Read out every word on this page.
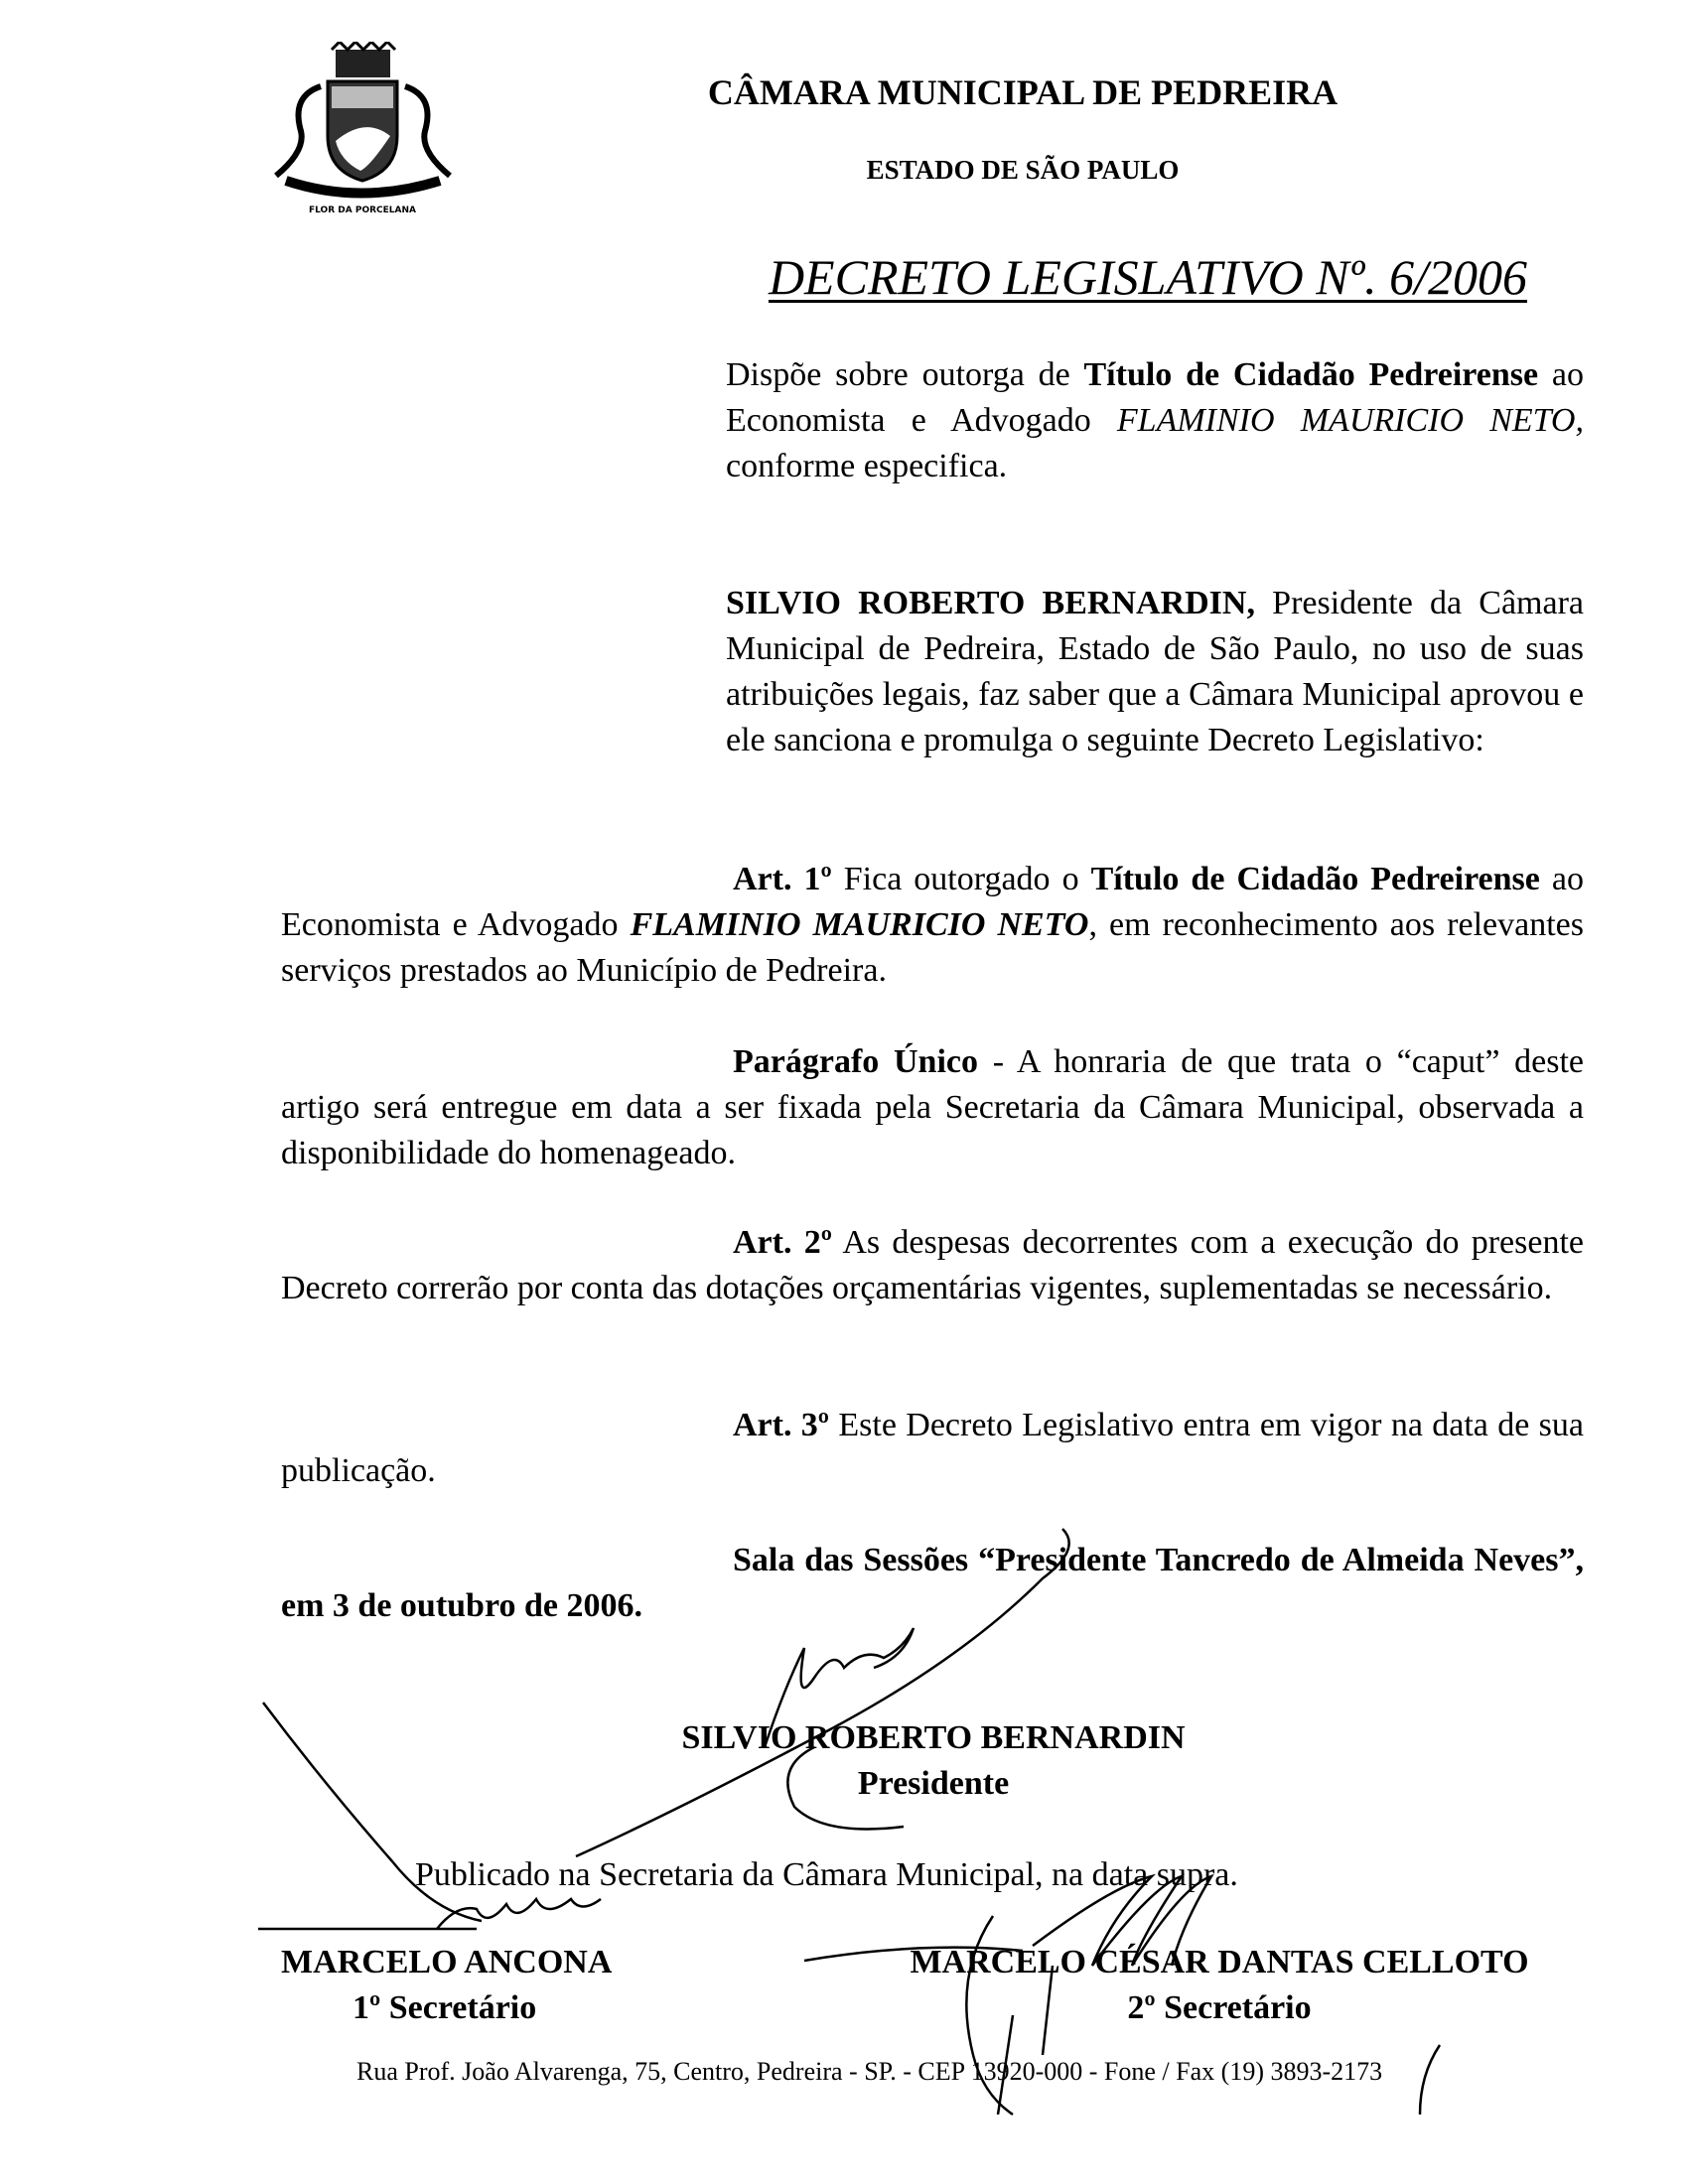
FLOR DA PORCELANA
CÂMARA MUNICIPAL DE PEDREIRA
ESTADO DE SÃO PAULO
DECRETO LEGISLATIVO Nº. 6/2006
Dispõe sobre outorga de Título de Cidadão Pedreirense ao Economista e Advogado FLAMINIO MAURICIO NETO, conforme especifica.
SILVIO ROBERTO BERNARDIN, Presidente da Câmara Municipal de Pedreira, Estado de São Paulo, no uso de suas atribuições legais, faz saber que a Câmara Municipal aprovou e ele sanciona e promulga o seguinte Decreto Legislativo:
Art. 1º Fica outorgado o Título de Cidadão Pedreirense ao Economista e Advogado FLAMINIO MAURICIO NETO, em reconhecimento aos relevantes serviços prestados ao Município de Pedreira.
Parágrafo Único - A honraria de que trata o “caput” deste artigo será entregue em data a ser fixada pela Secretaria da Câmara Municipal, observada a disponibilidade do homenageado.
Art. 2º As despesas decorrentes com a execução do presente Decreto correrão por conta das dotações orçamentárias vigentes, suplementadas se necessário.
Art. 3º Este Decreto Legislativo entra em vigor na data de sua publicação.
Sala das Sessões “Presidente Tancredo de Almeida Neves”, em 3 de outubro de 2006.
SILVIO ROBERTO BERNARDIN
Presidente
Publicado na Secretaria da Câmara Municipal, na data supra.
MARCELO ANCONA
1º Secretário
MARCELO CÉSAR DANTAS CELLOTO
2º Secretário
Rua Prof. João Alvarenga, 75, Centro, Pedreira - SP. - CEP 13920-000 - Fone / Fax (19) 3893-2173
